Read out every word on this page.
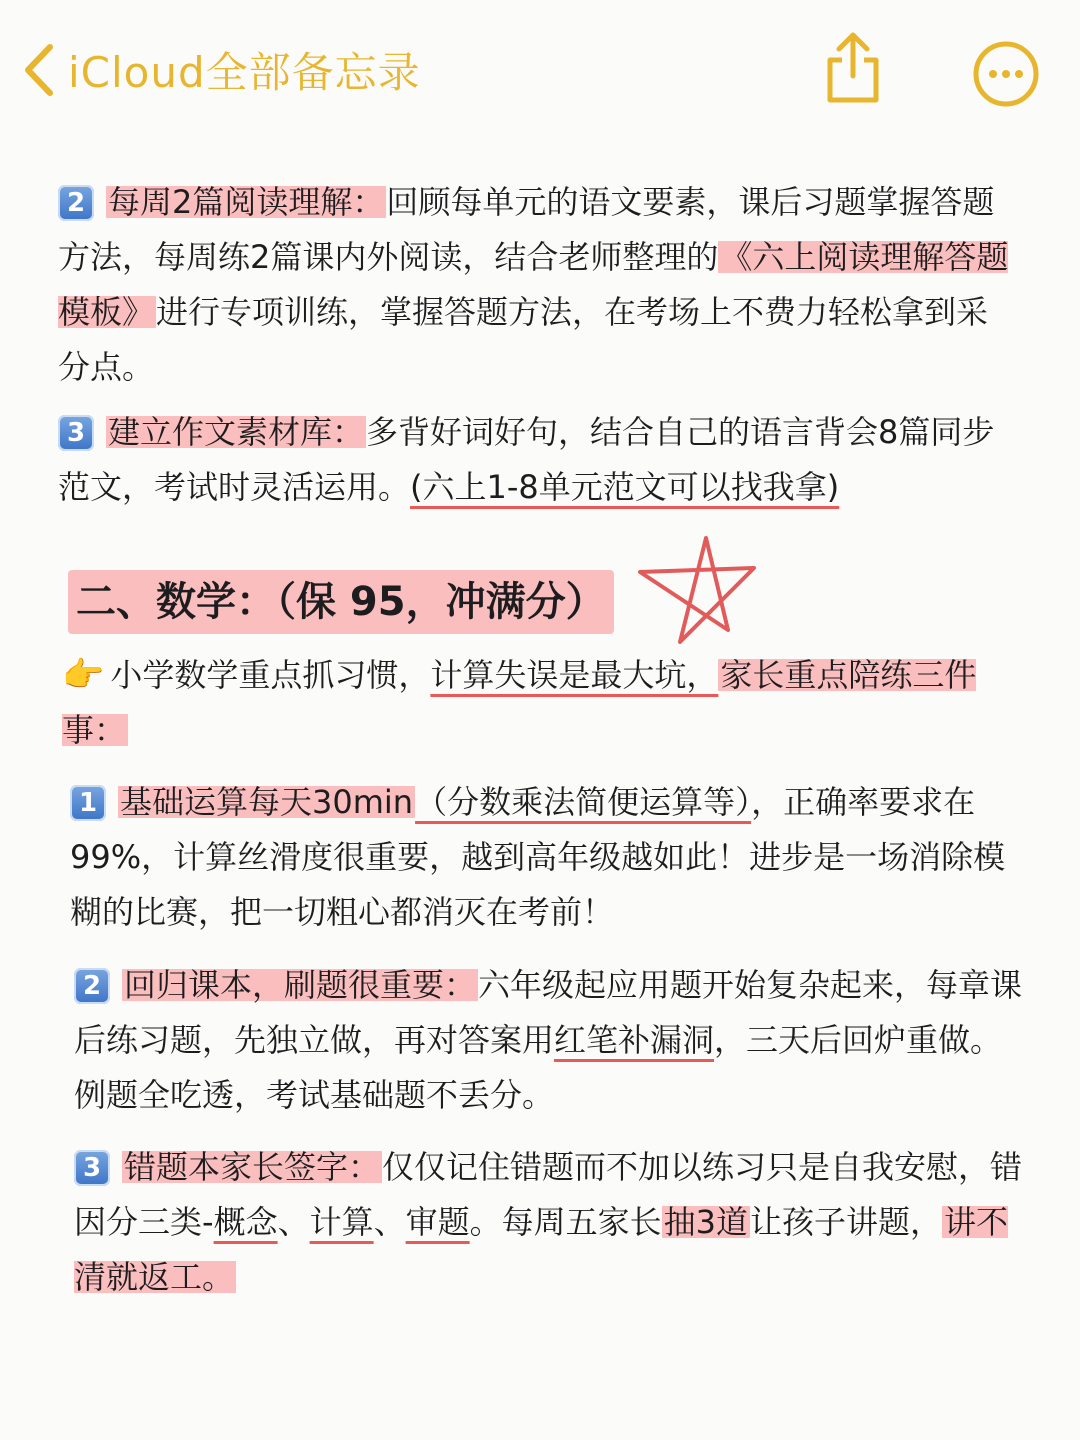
iCloud全部备忘录
2 每周2篇阅读理解：回顾每单元的语文要素，课后习题掌握答题方法，每周练2篇课内外阅读，结合老师整理的《六上阅读理解答题模板》进行专项训练，掌握答题方法，在考场上不费力轻松拿到采分点。
3 建立作文素材库：多背好词好句，结合自己的语言背会8篇同步范文，考试时灵活运用。(六上1-8单元范文可以找我拿)
二、数学：（保 95，冲满分）
👉 小学数学重点抓习惯，计算失误是最大坑，家长重点陪练三件事：
1 基础运算每天30min（分数乘法简便运算等），正确率要求在99%，计算丝滑度很重要，越到高年级越如此！进步是一场消除模糊的比赛，把一切粗心都消灭在考前！
2 回归课本，刷题很重要：六年级起应用题开始复杂起来，每章课后练习题，先独立做，再对答案用红笔补漏洞，三天后回炉重做。例题全吃透，考试基础题不丢分。
3 错题本家长签字：仅仅记住错题而不加以练习只是自我安慰，错因分三类-概念、计算、审题。每周五家长抽3道让孩子讲题，讲不清就返工。
